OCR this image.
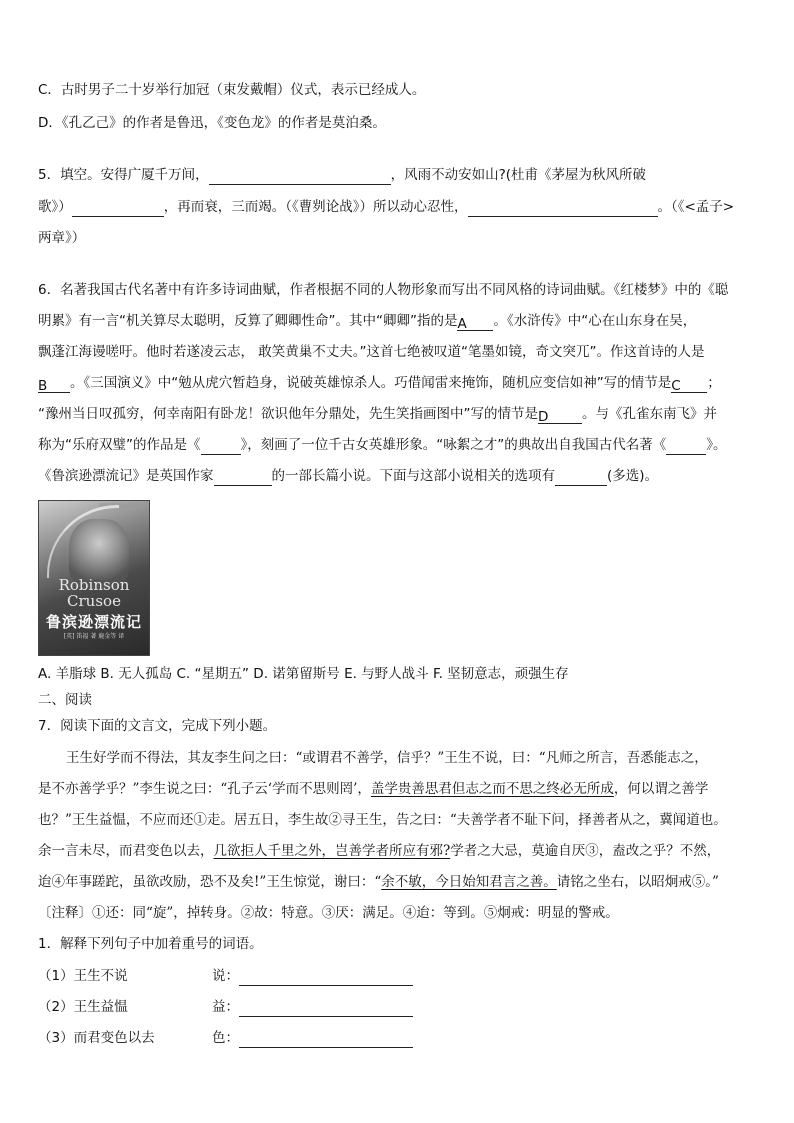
C．古时男子二十岁举行加冠（束发戴帽）仪式，表示已经成人。
D．《孔乙己》的作者是鲁迅，《变色龙》的作者是莫泊桑。
5．填空。安得广厦千万间，	，风雨不动安如山?(杜甫《茅屋为秋风所破
歌》）	，再而衰，三而竭。（《曹刿论战》）所以动心忍性，	。（《<孟子>
两章》）
6．名著我国古代名著中有许多诗词曲赋，作者根据不同的人物形象而写出不同风格的诗词曲赋。《红楼梦》中的《聪
明累》有一言“机关算尽太聪明，反算了卿卿性命”。其中“卿卿”指的是A 。《水浒传》中“心在山东身在吴，
飘蓬江海谩嗟吁。他时若遂凌云志， 敢笑黄巢不丈夫。”这首七绝被叹道“笔墨如镜，奇文突兀”。作这首诗的人是
B 。《三国演义》中“勉从虎穴暂趋身，说破英雄惊杀人。巧借闻雷来掩饰，随机应变信如神”写的情节是C ；
“豫州当日叹孤穷，何幸南阳有卧龙！欲识他年分鼎处，先生笑指画图中”写的情节是D 。与《孔雀东南飞》并
称为“乐府双璧”的作品是《	》，刻画了一位千古女英雄形象。“咏絮之才”的典故出自我国古代名著《	》。
《鲁滨逊漂流记》是英国作家	的一部长篇小说。下面与这部小说相关的选项有	(多选)。
Robinson
Crusoe
鲁滨逊漂流记
[英] 笛福 著 鹿金等 译
A. 羊脂球 B. 无人孤岛 C. “星期五” D. 诺第留斯号 E. 与野人战斗 F. 坚韧意志，顽强生存
二、阅读
7．阅读下面的文言文，完成下列小题。
王生好学而不得法，其友李生问之曰：“或谓君不善学，信乎？”王生不说，曰：“凡师之所言，吾悉能志之，
是不亦善学乎？”李生说之曰：“孔子云‘学而不思则罔’，盖学贵善思君但志之而不思之终必无所成，何以谓之善学
也？”王生益愠，不应而还①走。居五日，李生故②寻王生，告之曰：“夫善学者不耻下问，择善者从之，冀闻道也。
余一言未尽，而君变色以去，几欲拒人千里之外，岂善学者所应有邪?学者之大忌，莫逾自厌③，盍改之乎？不然，
迨④年事蹉跎，虽欲改励，恐不及矣!”王生惊觉，谢曰：“余不敏，今日始知君言之善。请铭之坐右，以昭炯戒⑤。”
〔注释〕①还：同“旋”，掉转身。②故：特意。③厌：满足。④迨：等到。⑤炯戒：明显的警戒。
1．解释下列句子中加着重号的词语。
（1）王生不说	说：
（2）王生益愠	益：
（3）而君变色以去	色：
